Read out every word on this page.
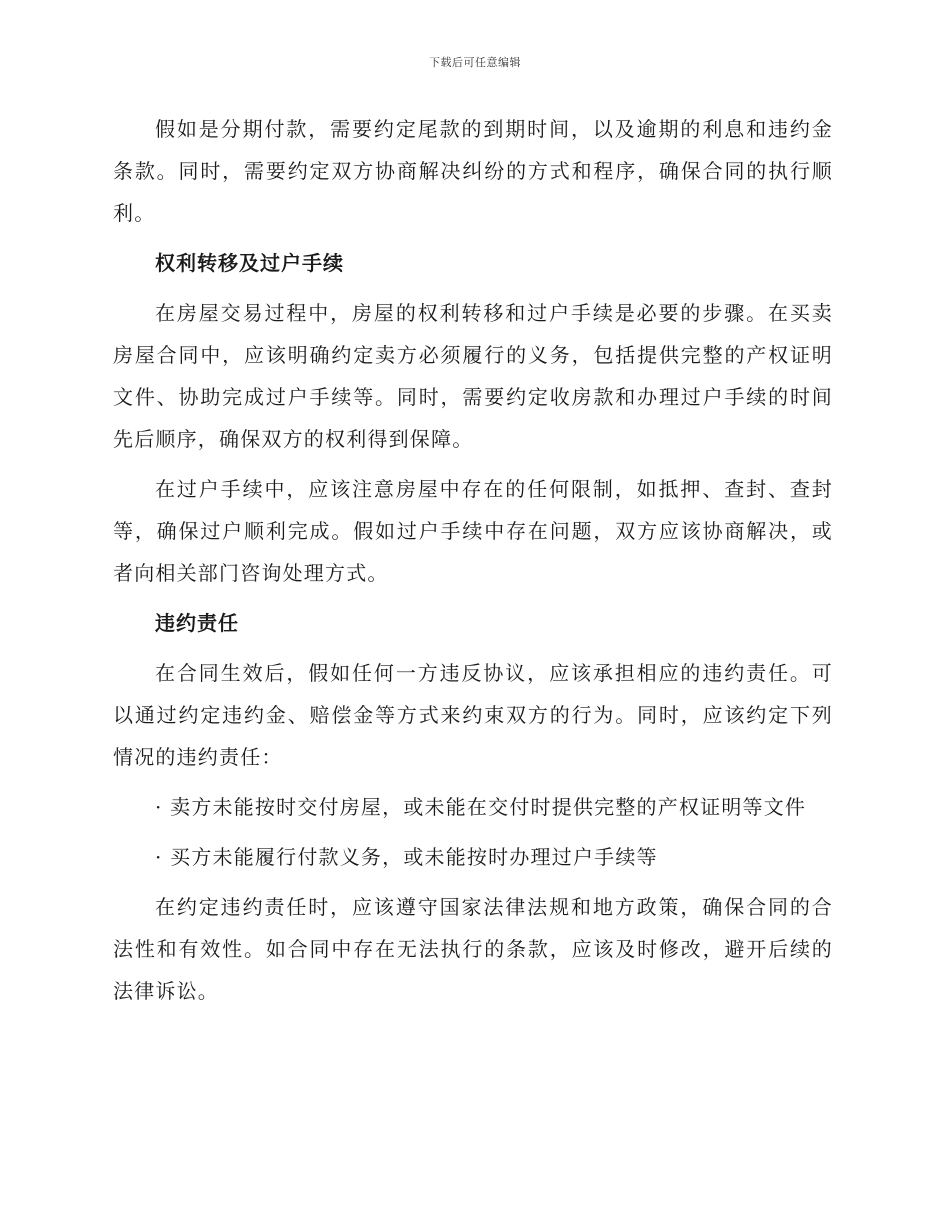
下载后可任意编辑

假如是分期付款，需要约定尾款的到期时间，以及逾期的利息和违约金条款。同时，需要约定双方协商解决纠纷的方式和程序，确保合同的执行顺利。

权利转移及过户手续

在房屋交易过程中，房屋的权利转移和过户手续是必要的步骤。在买卖房屋合同中，应该明确约定卖方必须履行的义务，包括提供完整的产权证明文件、协助完成过户手续等。同时，需要约定收房款和办理过户手续的时间先后顺序，确保双方的权利得到保障。

在过户手续中，应该注意房屋中存在的任何限制，如抵押、查封、查封等，确保过户顺利完成。假如过户手续中存在问题，双方应该协商解决，或者向相关部门咨询处理方式。

违约责任

在合同生效后，假如任何一方违反协议，应该承担相应的违约责任。可以通过约定违约金、赔偿金等方式来约束双方的行为。同时，应该约定下列情况的违约责任：

· 卖方未能按时交付房屋，或未能在交付时提供完整的产权证明等文件
· 买方未能履行付款义务，或未能按时办理过户手续等

在约定违约责任时，应该遵守国家法律法规和地方政策，确保合同的合法性和有效性。如合同中存在无法执行的条款，应该及时修改，避开后续的法律诉讼。
